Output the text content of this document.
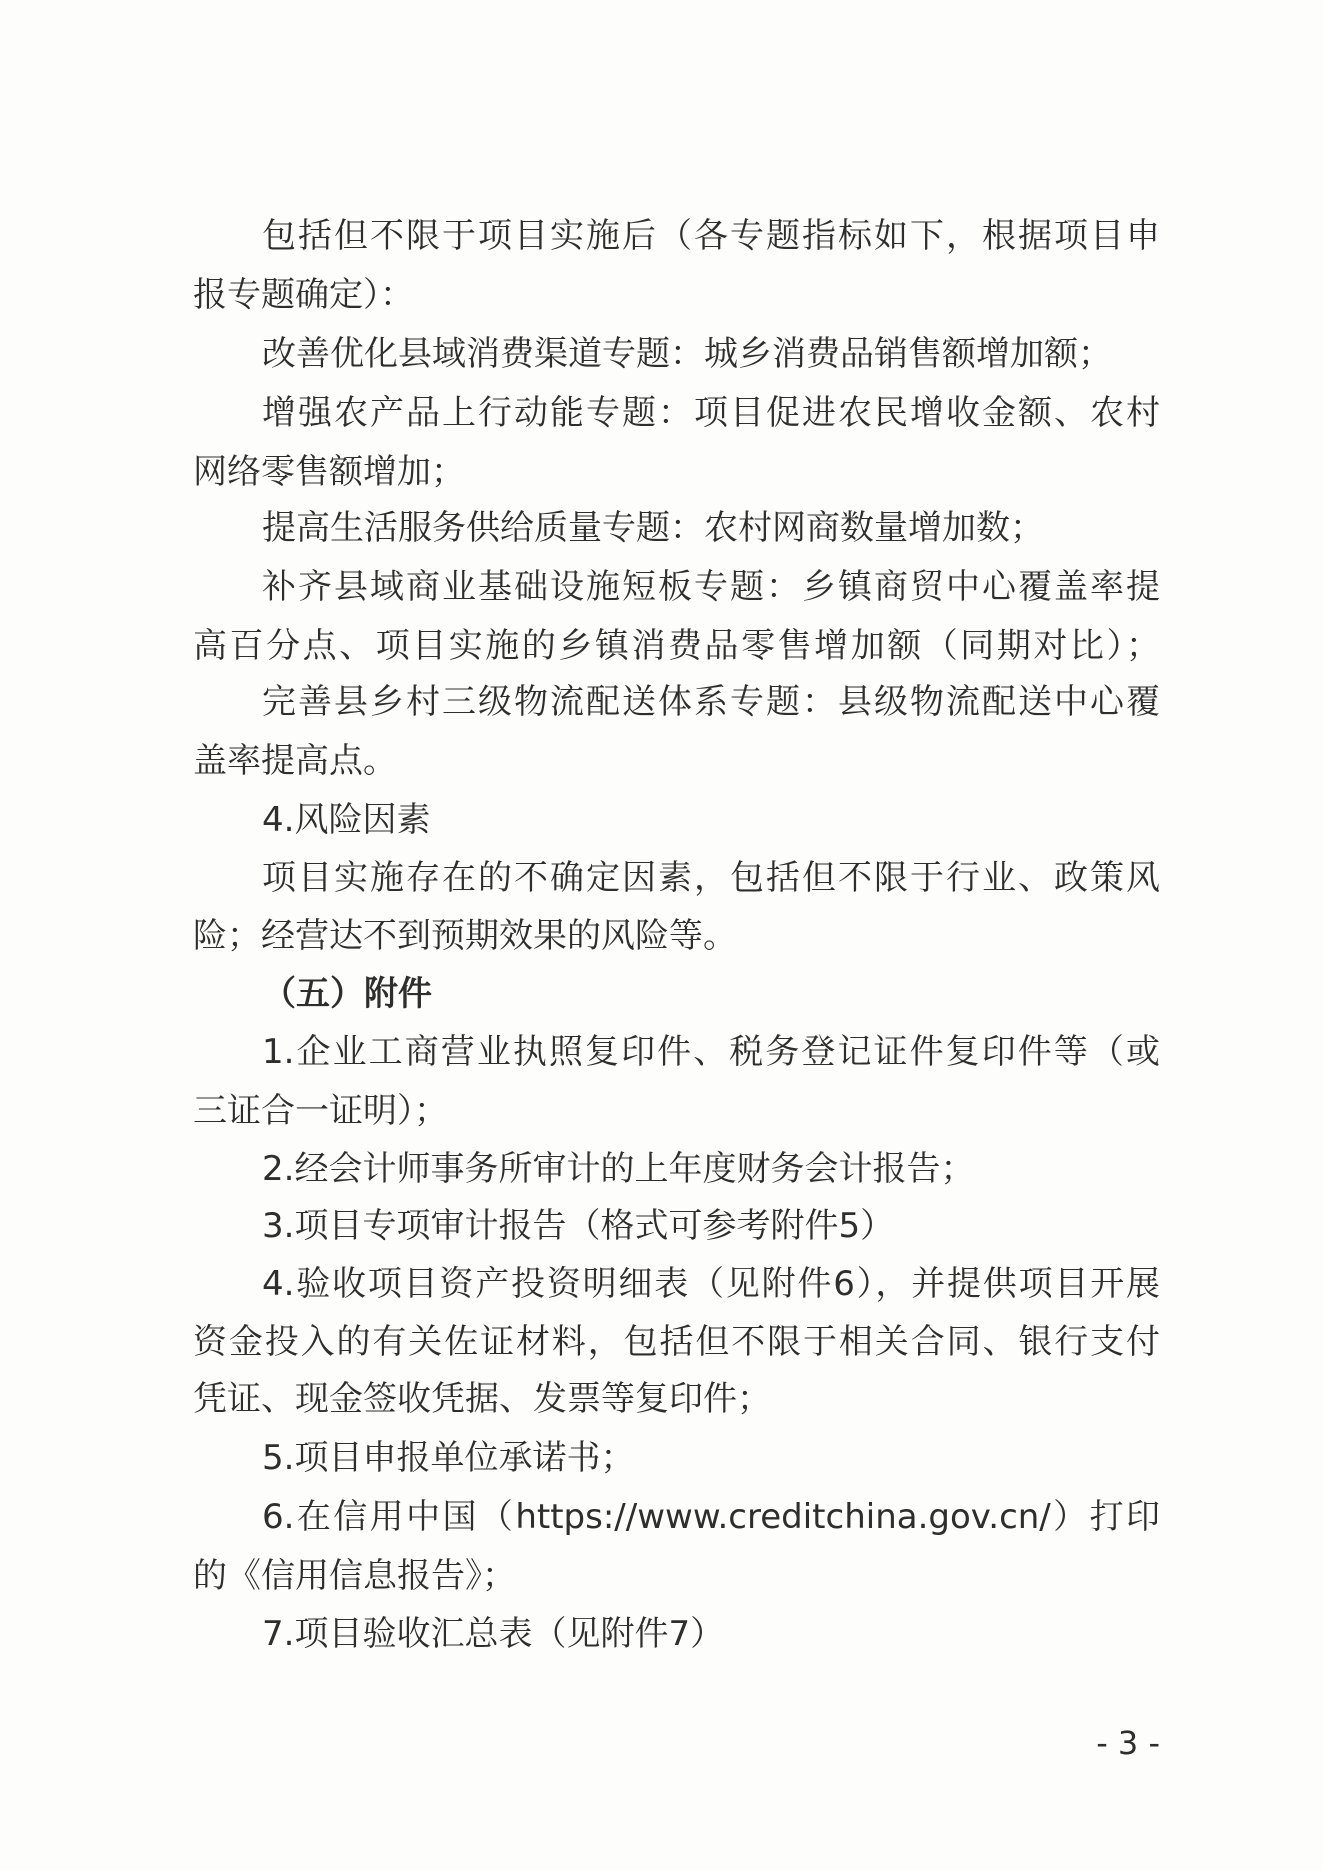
包括但不限于项目实施后（各专题指标如下，根据项目申
报专题确定）：
改善优化县域消费渠道专题：城乡消费品销售额增加额；
增强农产品上行动能专题：项目促进农民增收金额、农村
网络零售额增加；
提高生活服务供给质量专题：农村网商数量增加数；
补齐县域商业基础设施短板专题：乡镇商贸中心覆盖率提
高百分点、项目实施的乡镇消费品零售增加额（同期对比）；
完善县乡村三级物流配送体系专题：县级物流配送中心覆
盖率提高点。
4.风险因素
项目实施存在的不确定因素，包括但不限于行业、政策风
险；经营达不到预期效果的风险等。
（五）附件
1.企业工商营业执照复印件、税务登记证件复印件等（或
三证合一证明）；
2.经会计师事务所审计的上年度财务会计报告；
3.项目专项审计报告（格式可参考附件5）
4.验收项目资产投资明细表（见附件6），并提供项目开展
资金投入的有关佐证材料，包括但不限于相关合同、银行支付
凭证、现金签收凭据、发票等复印件；
5.项目申报单位承诺书；
6.在信用中国（https://www.creditchina.gov.cn/）打印
的《信用信息报告》；
7.项目验收汇总表（见附件7）
- 3 -
